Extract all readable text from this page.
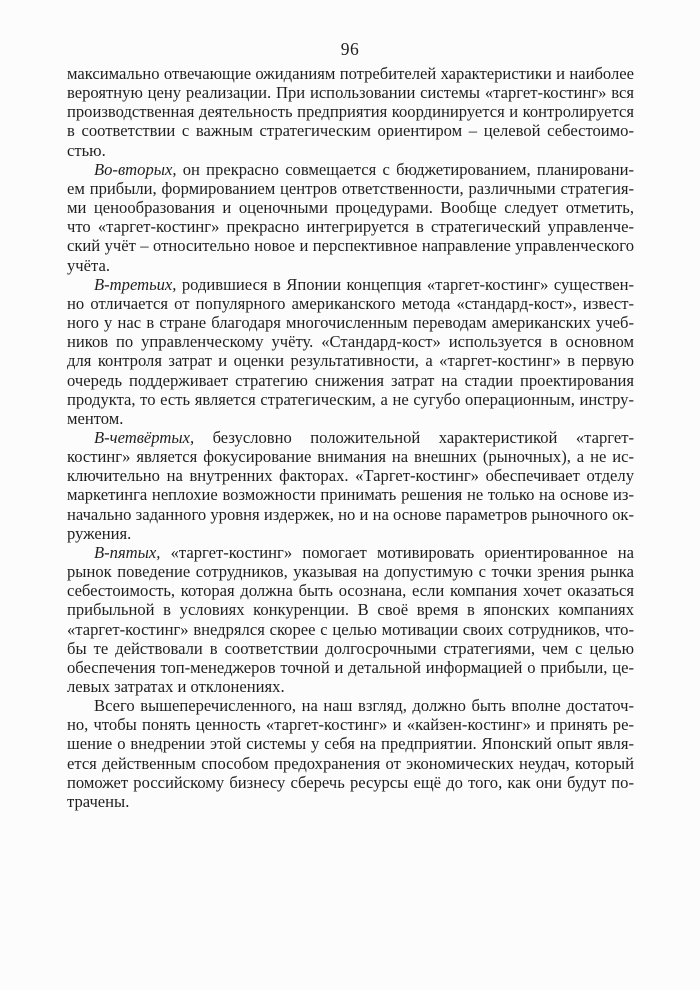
96
максимально отвечающие ожиданиям потребителей характеристики и наиболее
вероятную цену реализации. При использовании системы «таргет-костинг» вся
производственная деятельность предприятия координируется и контролируется
в соответствии с важным стратегическим ориентиром – целевой себестоимо-
стью.
Во-вторых, он прекрасно совмещается с бюджетированием, планировани-
ем прибыли, формированием центров ответственности, различными стратегия-
ми ценообразования и оценочными процедурами. Вообще следует отметить,
что «таргет-костинг» прекрасно интегрируется в стратегический управленче-
ский учёт – относительно новое и перспективное направление управленческого
учёта.
В-третьих, родившиеся в Японии концепция «таргет-костинг» существен-
но отличается от популярного американского метода «стандард-кост», извест-
ного у нас в стране благодаря многочисленным переводам американских учеб-
ников по управленческому учёту. «Стандард-кост» используется в основном
для контроля затрат и оценки результативности, а «таргет-костинг» в первую
очередь поддерживает стратегию снижения затрат на стадии проектирования
продукта, то есть является стратегическим, а не сугубо операционным, инстру-
ментом.
В-четвёртых, безусловно положительной характеристикой «таргет-
костинг» является фокусирование внимания на внешних (рыночных), а не ис-
ключительно на внутренних факторах. «Таргет-костинг» обеспечивает отделу
маркетинга неплохие возможности принимать решения не только на основе из-
начально заданного уровня издержек, но и на основе параметров рыночного ок-
ружения.
В-пятых, «таргет-костинг» помогает мотивировать ориентированное на
рынок поведение сотрудников, указывая на допустимую с точки зрения рынка
себестоимость, которая должна быть осознана, если компания хочет оказаться
прибыльной в условиях конкуренции. В своё время в японских компаниях
«таргет-костинг» внедрялся скорее с целью мотивации своих сотрудников, что-
бы те действовали в соответствии долгосрочными стратегиями, чем с целью
обеспечения топ-менеджеров точной и детальной информацией о прибыли, це-
левых затратах и отклонениях.
Всего вышеперечисленного, на наш взгляд, должно быть вполне достаточ-
но, чтобы понять ценность «таргет-костинг» и «кайзен-костинг» и принять ре-
шение о внедрении этой системы у себя на предприятии. Японский опыт явля-
ется действенным способом предохранения от экономических неудач, который
поможет российскому бизнесу сберечь ресурсы ещё до того, как они будут по-
трачены.
